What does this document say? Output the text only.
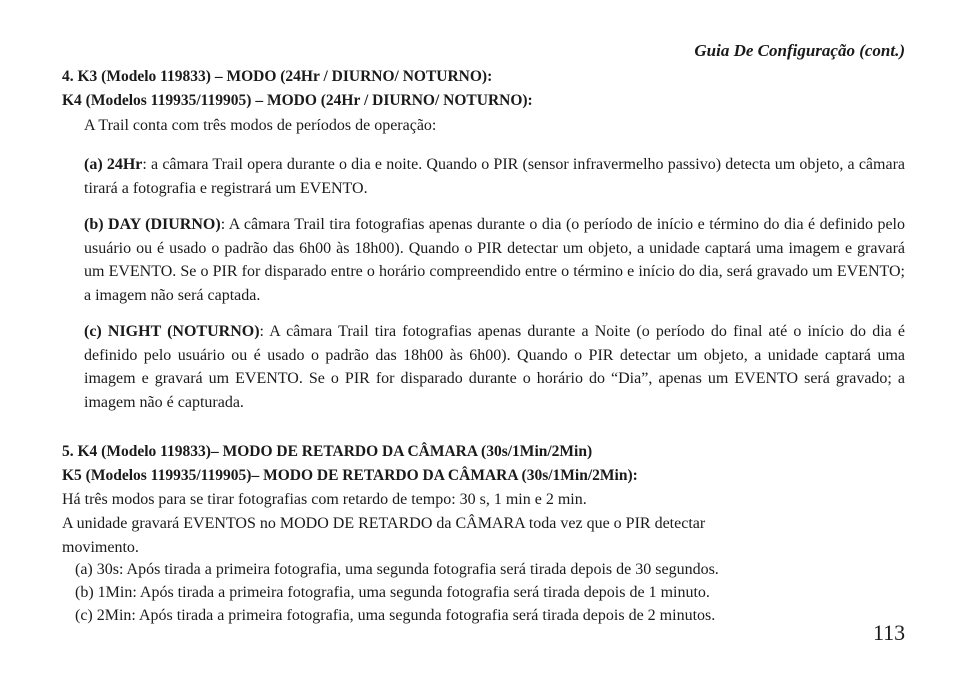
Guia De Configuração (cont.)
4. K3 (Modelo 119833) – MODO (24Hr / DIURNO/ NOTURNO):
K4 (Modelos 119935/119905) – MODO (24Hr / DIURNO/ NOTURNO):
A Trail conta com três modos de períodos de operação:
(a) 24Hr: a câmara Trail opera durante o dia e noite. Quando o PIR (sensor infravermelho passivo) detecta um objeto, a câmara tirará a fotografia e registrará um EVENTO.
(b) DAY (DIURNO): A câmara Trail tira fotografias apenas durante o dia (o período de início e término do dia é definido pelo usuário ou é usado o padrão das 6h00 às 18h00). Quando o PIR detectar um objeto, a unidade captará uma imagem e gravará um EVENTO. Se o PIR for disparado entre o horário compreendido entre o término e início do dia, será gravado um EVENTO; a imagem não será captada.
(c) NIGHT (NOTURNO): A câmara Trail tira fotografias apenas durante a Noite (o período do final até o início do dia é definido pelo usuário ou é usado o padrão das 18h00 às 6h00). Quando o PIR detectar um objeto, a unidade captará uma imagem e gravará um EVENTO. Se o PIR for disparado durante o horário do “Dia”, apenas um EVENTO será gravado; a imagem não é capturada.
5. K4 (Modelo 119833)– MODO DE RETARDO DA CÂMARA (30s/1Min/2Min)
K5 (Modelos 119935/119905)– MODO DE RETARDO DA CÂMARA (30s/1Min/2Min):
Há três modos para se tirar fotografias com retardo de tempo: 30 s, 1 min e 2 min.
A unidade gravará EVENTOS no MODO DE RETARDO da CÂMARA toda vez que o PIR detectar
movimento.
(a) 30s: Após tirada a primeira fotografia, uma segunda fotografia será tirada depois de 30 segundos.
(b) 1Min: Após tirada a primeira fotografia, uma segunda fotografia será tirada depois de 1 minuto.
(c) 2Min: Após tirada a primeira fotografia, uma segunda fotografia será tirada depois de 2 minutos.
113
